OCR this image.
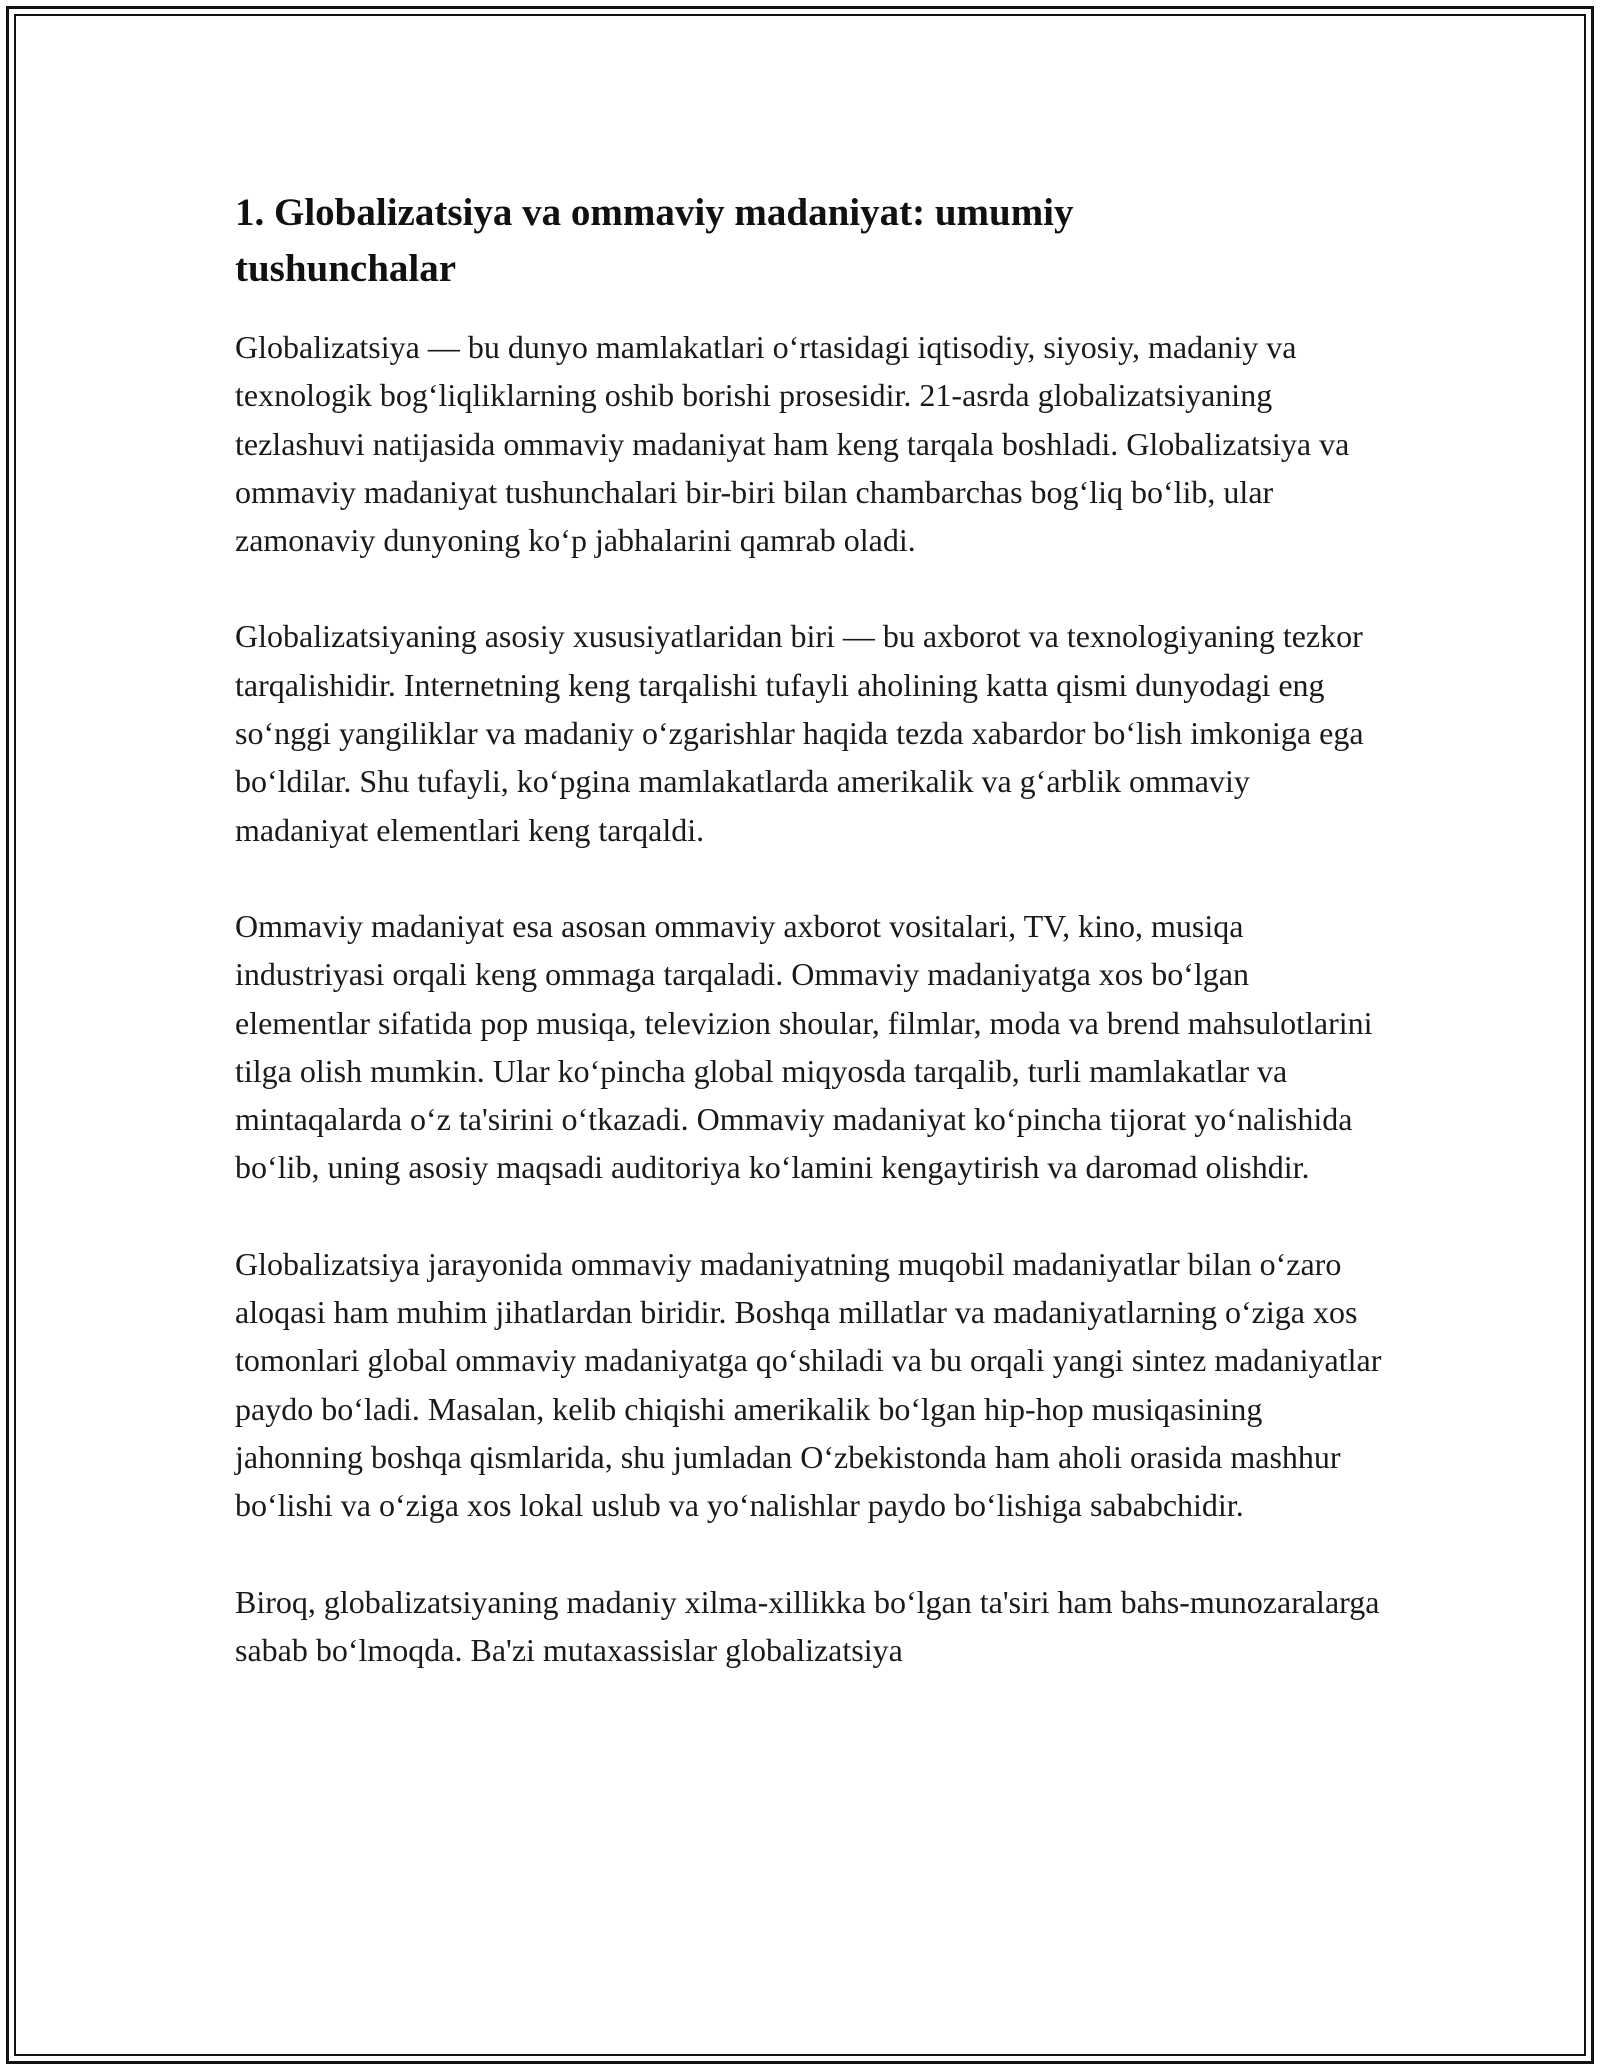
1. Globalizatsiya va ommaviy madaniyat: umumiy tushunchalar

Globalizatsiya — bu dunyo mamlakatlari o‘rtasidagi iqtisodiy, siyosiy, madaniy va texnologik bog‘liqliklarning oshib borishi prosesidir. 21-asrda globalizatsiyaning tezlashuvi natijasida ommaviy madaniyat ham keng tarqala boshladi. Globalizatsiya va ommaviy madaniyat tushunchalari bir-biri bilan chambarchas bog‘liq bo‘lib, ular zamonaviy dunyoning ko‘p jabhalarini qamrab oladi.

Globalizatsiyaning asosiy xususiyatlaridan biri — bu axborot va texnologiyaning tezkor tarqalishidir. Internetning keng tarqalishi tufayli aholining katta qismi dunyodagi eng so‘nggi yangiliklar va madaniy o‘zgarishlar haqida tezda xabardor bo‘lish imkoniga ega bo‘ldilar. Shu tufayli, ko‘pgina mamlakatlarda amerikalik va g‘arblik ommaviy madaniyat elementlari keng tarqaldi.

Ommaviy madaniyat esa asosan ommaviy axborot vositalari, TV, kino, musiqa industriyasi orqali keng ommaga tarqaladi. Ommaviy madaniyatga xos bo‘lgan elementlar sifatida pop musiqa, televizion shoular, filmlar, moda va brend mahsulotlarini tilga olish mumkin. Ular ko‘pincha global miqyosda tarqalib, turli mamlakatlar va mintaqalarda o‘z ta'sirini o‘tkazadi. Ommaviy madaniyat ko‘pincha tijorat yo‘nalishida bo‘lib, uning asosiy maqsadi auditoriya ko‘lamini kengaytirish va daromad olishdir.

Globalizatsiya jarayonida ommaviy madaniyatning muqobil madaniyatlar bilan o‘zaro aloqasi ham muhim jihatlardan biridir. Boshqa millatlar va madaniyatlarning o‘ziga xos tomonlari global ommaviy madaniyatga qo‘shiladi va bu orqali yangi sintez madaniyatlar paydo bo‘ladi. Masalan, kelib chiqishi amerikalik bo‘lgan hip-hop musiqasining jahonning boshqa qismlarida, shu jumladan O‘zbekistonda ham aholi orasida mashhur bo‘lishi va o‘ziga xos lokal uslub va yo‘nalishlar paydo bo‘lishiga sababchidir.

Biroq, globalizatsiyaning madaniy xilma-xillikka bo‘lgan ta'siri ham bahs-munozaralarga sabab bo‘lmoqda. Ba'zi mutaxassislar globalizatsiya
